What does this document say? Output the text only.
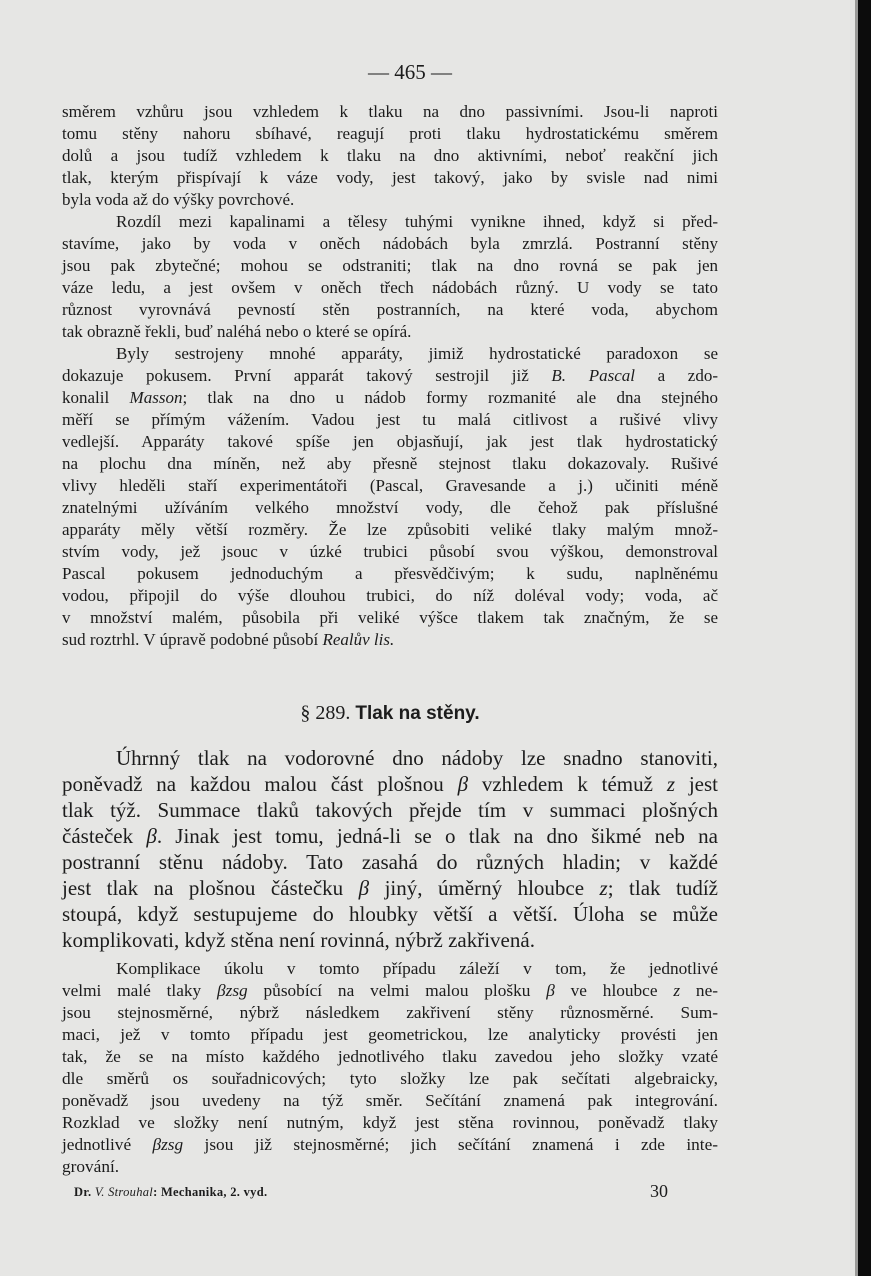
— 465 —
směrem vzhůru jsou vzhledem k tlaku na dno passivními. Jsou-li naproti
tomu stěny nahoru sbíhavé, reagují proti tlaku hydrostatickému směrem
dolů a jsou tudíž vzhledem k tlaku na dno aktivními, neboť reakční jich
tlak, kterým přispívají k váze vody, jest takový, jako by svisle nad nimi
byla voda až do výšky povrchové.
Rozdíl mezi kapalinami a tělesy tuhými vynikne ihned, když si před-
stavíme, jako by voda v oněch nádobách byla zmrzlá. Postranní stěny
jsou pak zbytečné; mohou se odstraniti; tlak na dno rovná se pak jen
váze ledu, a jest ovšem v oněch třech nádobách různý. U vody se tato
různost vyrovnává pevností stěn postranních, na které voda, abychom
tak obrazně řekli, buď naléhá nebo o které se opírá.
Byly sestrojeny mnohé apparáty, jimiž hydrostatické paradoxon se
dokazuje pokusem. První apparát takový sestrojil již B. Pascal a zdo-
konalil Masson; tlak na dno u nádob formy rozmanité ale dna stejného
měří se přímým vážením. Vadou jest tu malá citlivost a rušivé vlivy
vedlejší. Apparáty takové spíše jen objasňují, jak jest tlak hydrostatický
na plochu dna míněn, než aby přesně stejnost tlaku dokazovaly. Rušivé
vlivy hleděli staří experimentátoři (Pascal, Gravesande a j.) učiniti méně
znatelnými užíváním velkého množství vody, dle čehož pak příslušné
apparáty měly větší rozměry. Že lze způsobiti veliké tlaky malým množ-
stvím vody, jež jsouc v úzké trubici působí svou výškou, demonstroval
Pascal pokusem jednoduchým a přesvědčivým; k sudu, naplněnému
vodou, připojil do výše dlouhou trubici, do níž doléval vody; voda, ač
v množství malém, působila při veliké výšce tlakem tak značným, že se
sud roztrhl. V úpravě podobné působí Realův lis.
§ 289. Tlak na stěny.
Úhrnný tlak na vodorovné dno nádoby lze snadno stanoviti,
poněvadž na každou malou část plošnou β vzhledem k témuž z jest
tlak týž. Summace tlaků takových přejde tím v summaci plošných
částeček β. Jinak jest tomu, jedná-li se o tlak na dno šikmé neb na
postranní stěnu nádoby. Tato zasahá do různých hladin; v každé
jest tlak na plošnou částečku β jiný, úměrný hloubce z; tlak tudíž
stoupá, když sestupujeme do hloubky větší a větší. Úloha se může
komplikovati, když stěna není rovinná, nýbrž zakřivená.
Komplikace úkolu v tomto případu záleží v tom, že jednotlivé
velmi malé tlaky βzsg působící na velmi malou plošku β ve hloubce z ne-
jsou stejnosměrné, nýbrž následkem zakřivení stěny různosměrné. Sum-
maci, jež v tomto případu jest geometrickou, lze analyticky provésti jen
tak, že se na místo každého jednotlivého tlaku zavedou jeho složky vzaté
dle směrů os souřadnicových; tyto složky lze pak sečítati algebraicky,
poněvadž jsou uvedeny na týž směr. Sečítání znamená pak integrování.
Rozklad ve složky není nutným, když jest stěna rovinnou, poněvadž tlaky
jednotlivé βzsg jsou již stejnosměrné; jich sečítání znamená i zde inte-
grování.
Dr. V. Strouhal: Mechanika, 2. vyd.	30
